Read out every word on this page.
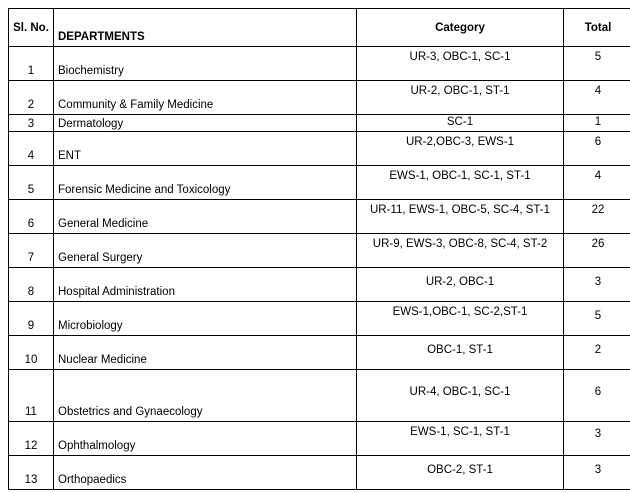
Sl. No.	DEPARTMENTS	Category	Total
1	Biochemistry	UR-3, OBC-1, SC-1	5
2	Community & Family Medicine	UR-2, OBC-1, ST-1	4
3	Dermatology	SC-1	1
4	ENT	UR-2,OBC-3, EWS-1	6
5	Forensic Medicine and Toxicology	EWS-1, OBC-1, SC-1, ST-1	4
6	General Medicine	UR-11, EWS-1, OBC-5, SC-4, ST-1	22
7	General Surgery	UR-9, EWS-3, OBC-8, SC-4, ST-2	26
8	Hospital Administration	UR-2, OBC-1	3
9	Microbiology	EWS-1,OBC-1, SC-2,ST-1	5
10	Nuclear Medicine	OBC-1, ST-1	2
11	Obstetrics and Gynaecology	UR-4, OBC-1, SC-1	6
12	Ophthalmology	EWS-1, SC-1, ST-1	3
13	Orthopaedics	OBC-2, ST-1	3
